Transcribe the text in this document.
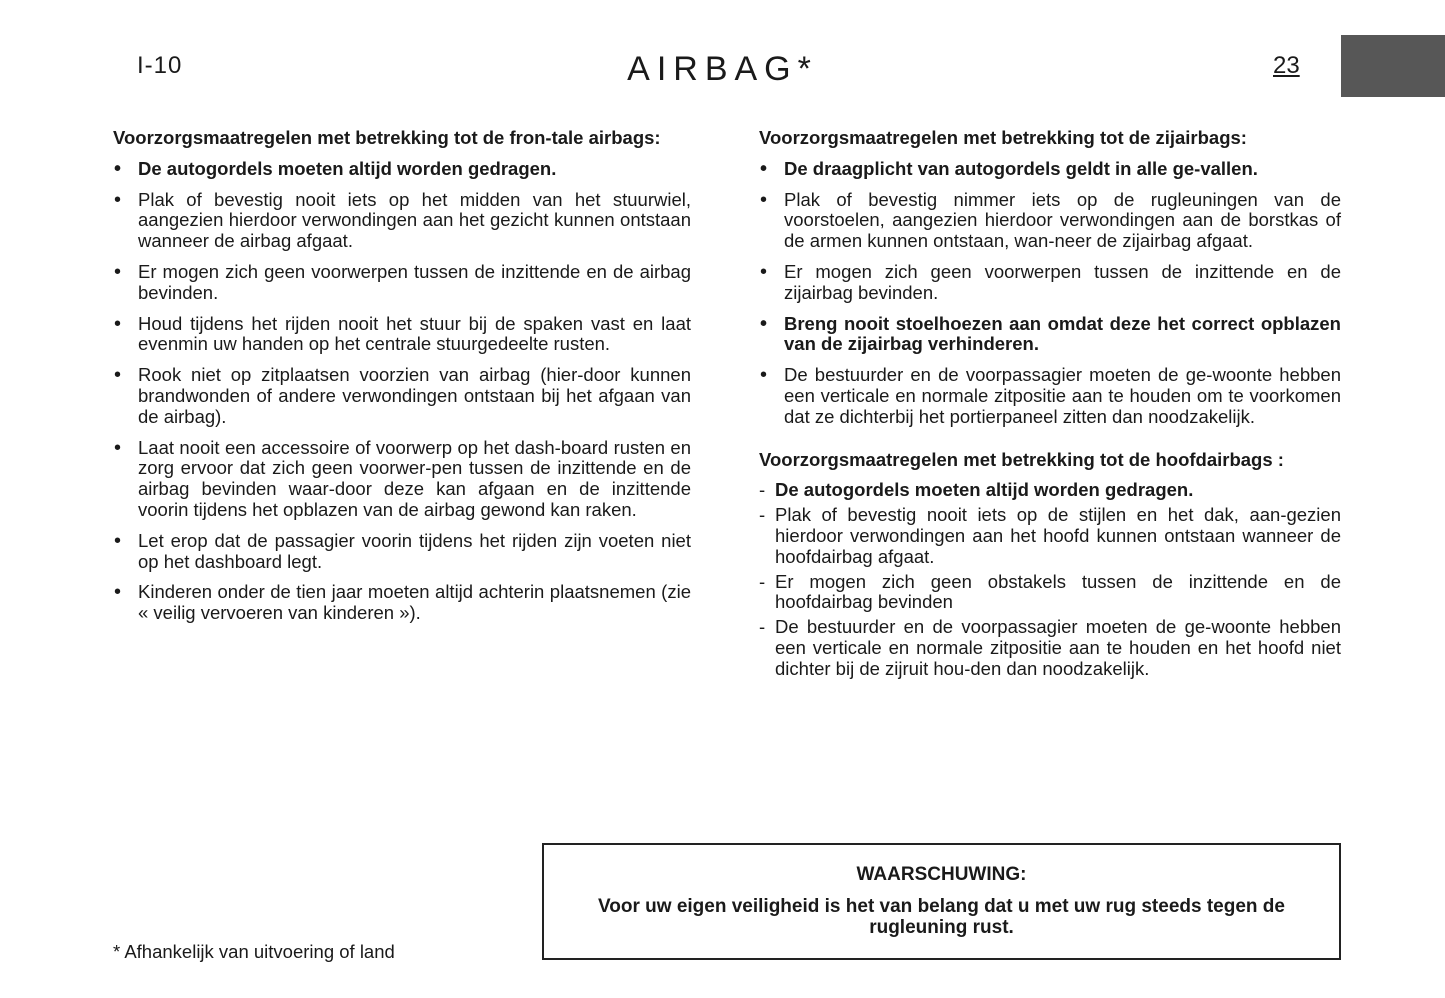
I-10	AIRBAG*	23
Voorzorgsmaatregelen met betrekking tot de fron-tale airbags:
• De autogordels moeten altijd worden gedragen.
• Plak of bevestig nooit iets op het midden van het stuurwiel, aangezien hierdoor verwondingen aan het gezicht kunnen ontstaan wanneer de airbag afgaat.
• Er mogen zich geen voorwerpen tussen de inzittende en de airbag bevinden.
• Houd tijdens het rijden nooit het stuur bij de spaken vast en laat evenmin uw handen op het centrale stuurgedeelte rusten.
• Rook niet op zitplaatsen voorzien van airbag (hier-door kunnen brandwonden of andere verwondingen ontstaan bij het afgaan van de airbag).
• Laat nooit een accessoire of voorwerp op het dash-board rusten en zorg ervoor dat zich geen voorwer-pen tussen de inzittende en de airbag bevinden waar-door deze kan afgaan en de inzittende voorin tijdens het opblazen van de airbag gewond kan raken.
• Let erop dat de passagier voorin tijdens het rijden zijn voeten niet op het dashboard legt.
• Kinderen onder de tien jaar moeten altijd achterin plaatsnemen (zie « veilig vervoeren van kinderen »).
Voorzorgsmaatregelen met betrekking tot de zijairbags:
• De draagplicht van autogordels geldt in alle ge-vallen.
• Plak of bevestig nimmer iets op de rugleuningen van de voorstoelen, aangezien hierdoor verwondingen aan de borstkas of de armen kunnen ontstaan, wan-neer de zijairbag afgaat.
• Er mogen zich geen voorwerpen tussen de inzittende en de zijairbag bevinden.
• Breng nooit stoelhoezen aan omdat deze het correct opblazen van de zijairbag verhinderen.
• De bestuurder en de voorpassagier moeten de ge-woonte hebben een verticale en normale zitpositie aan te houden om te voorkomen dat ze dichterbij het portierpaneel zitten dan noodzakelijk.
Voorzorgsmaatregelen met betrekking tot de hoofdairbags :
- De autogordels moeten altijd worden gedragen.
- Plak of bevestig nooit iets op de stijlen en het dak, aan-gezien hierdoor verwondingen aan het hoofd kunnen ontstaan wanneer de hoofdairbag afgaat.
- Er mogen zich geen obstakels tussen de inzittende en de hoofdairbag bevinden
- De bestuurder en de voorpassagier moeten de ge-woonte hebben een verticale en normale zitpositie aan te houden en het hoofd niet dichter bij de zijruit hou-den dan noodzakelijk.
* Afhankelijk van uitvoering of land
WAARSCHUWING:
Voor uw eigen veiligheid is het van belang dat u met uw rug steeds tegen de rugleuning rust.
